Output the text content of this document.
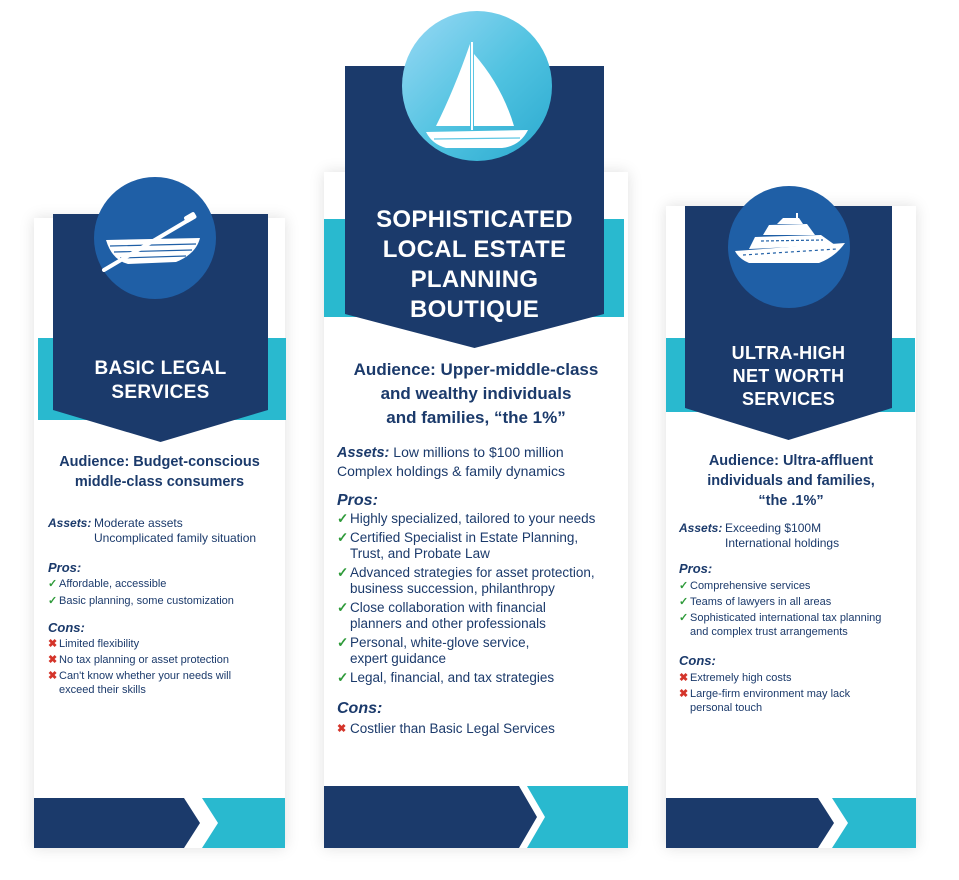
BASIC LEGAL
SERVICES
Audience: Budget-conscious
middle-class consumers
Assets: Moderate assets
Uncomplicated family situation
Pros:
✓ Affordable, accessible
✓ Basic planning, some customization
Cons:
✖ Limited flexibility
✖ No tax planning or asset protection
✖ Can't know whether your needs will
exceed their skills
SOPHISTICATED
LOCAL ESTATE
PLANNING
BOUTIQUE
Audience: Upper-middle-class
and wealthy individuals
and families, “the 1%”
Assets: Low millions to $100 million
Complex holdings & family dynamics
Pros:
✓ Highly specialized, tailored to your needs
✓ Certified Specialist in Estate Planning,
Trust, and Probate Law
✓ Advanced strategies for asset protection,
business succession, philanthropy
✓ Close collaboration with financial
planners and other professionals
✓ Personal, white-glove service,
expert guidance
✓ Legal, financial, and tax strategies
Cons:
✖ Costlier than Basic Legal Services
ULTRA-HIGH
NET WORTH
SERVICES
Audience: Ultra-affluent
individuals and families,
“the .1%”
Assets: Exceeding $100M
International holdings
Pros:
✓ Comprehensive services
✓ Teams of lawyers in all areas
✓ Sophisticated international tax planning
and complex trust arrangements
Cons:
✖ Extremely high costs
✖ Large-firm environment may lack
personal touch
